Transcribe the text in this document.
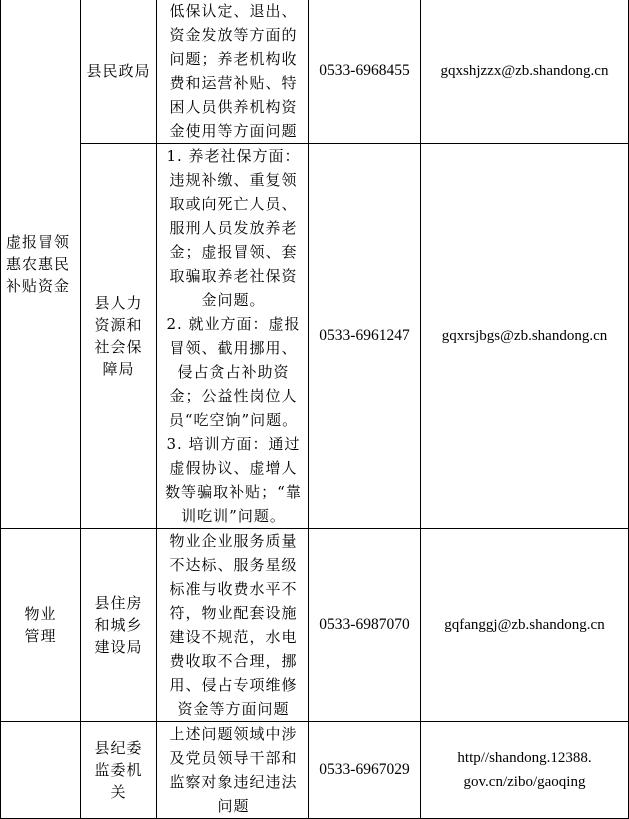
虚报冒领惠农惠民补贴资金	县民政局	低保认定、退出、资金发放等方面的问题；养老机构收费和运营补贴、特困人员供养机构资金使用等方面问题	0533-6968455	gqxshjzzx@zb.shandong.cn
	县人力资源和社会保障局	1. 养老社保方面：违规补缴、重复领取或向死亡人员、服刑人员发放养老金；虚报冒领、套取骗取养老社保资金问题。

2. 就业方面：虚报冒领、截用挪用、侵占贪占补助资金；公益性岗位人员“吃空饷”问题。

3. 培训方面：通过虚假协议、虚增人数等骗取补贴；“靠训吃训”问题。	0533-6961247	gqxrsjbgs@zb.shandong.cn
物业管理	县住房和城乡建设局	物业企业服务质量不达标、服务星级标准与收费水平不符，物业配套设施建设不规范，水电费收取不合理，挪用、侵占专项维修资金等方面问题	0533-6987070	gqfanggj@zb.shandong.cn
	县纪委监委机关	上述问题领域中涉及党员领导干部和监察对象违纪违法问题	0533-6967029	http//shandong.12388.gov.cn/zibo/gaoqing
